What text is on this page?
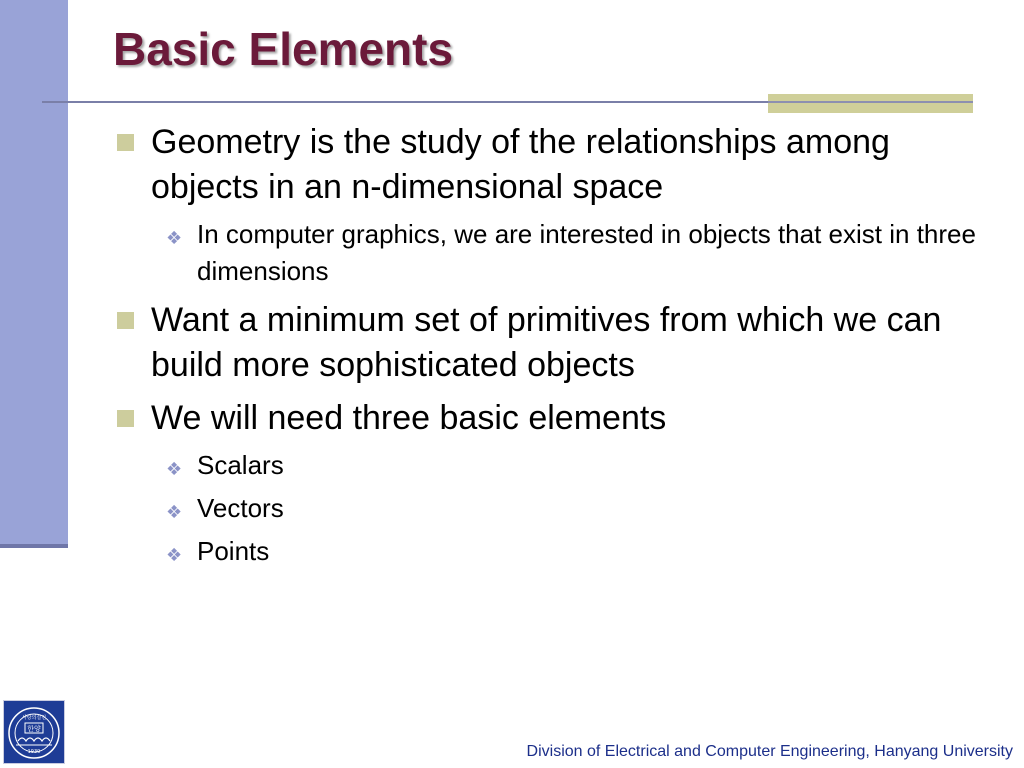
Basic Elements
Geometry is the study of the relationships among objects in an n-dimensional space
❖ In computer graphics, we are interested in objects that exist in three dimensions
Want a minimum set of primitives from which we can build more sophisticated objects
We will need three basic elements
❖ Scalars
❖ Vectors
❖ Points
한양
사랑의실천
1939	Division of Electrical and Computer Engineering, Hanyang University
